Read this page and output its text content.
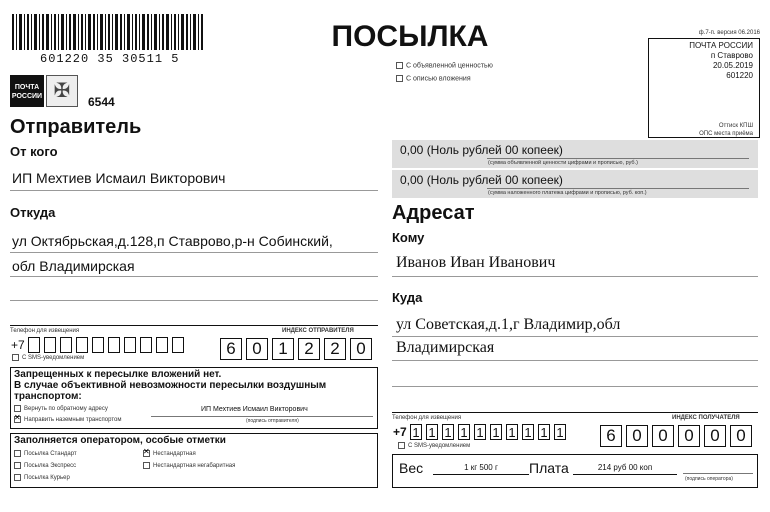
601220 35 30511 5
ПОСЫЛКА
ПОЧТА
РОССИИ ✠	6544
С объявленной ценностью
С описью вложения
ф.7-п. версия 06.2016
ПОЧТА РОССИИ
п Ставрово
20.05.2019
601220
Оттиск КПШ
ОПС места приёма
Отправитель
От кого
ИП Мехтиев Исмаил Викторович
Откуда
ул Октябрьская,д.128,п Ставрово,р-н Собинский,
обл Владимирская
Телефон для извещения	ИНДЕКС ОТПРАВИТЕЛЯ
+7
С SMS-уведомлением
6 0 1 2 2 0
Запрещенных к пересылке вложений нет.
В случае объективной невозможности пересылки воздушным
транспортом:
Вернуть по обратному адресу
✕Направить наземным транспортом
ИП Мехтиев Исмаил Викторович
(подпись отправителя)
Заполняется оператором, особые отметки
Посылка Стандарт
Посылка Экспресс
Посылка Курьер
✕Нестандартная
Нестандартная негабаритная
0,00 (Ноль рублей 00 копеек)
(сумма объявленной ценности цифрами и прописью, руб.)
0,00 (Ноль рублей 00 копеек)
(сумма наложенного платежа цифрами и прописью, руб. коп.)
Адресат
Кому
Иванов Иван Иванович
Куда
ул Советская,д.1,г Владимир,обл
Владимирская
Телефон для извещения	ИНДЕКС ПОЛУЧАТЕЛЯ
+7 1 1 1 1 1 1 1 1 1 1
С SMS-уведомлением
6 0 0 0 0 0
Вес	1 кг 500 г	Плата	214 руб 00 коп
(подпись оператора)
